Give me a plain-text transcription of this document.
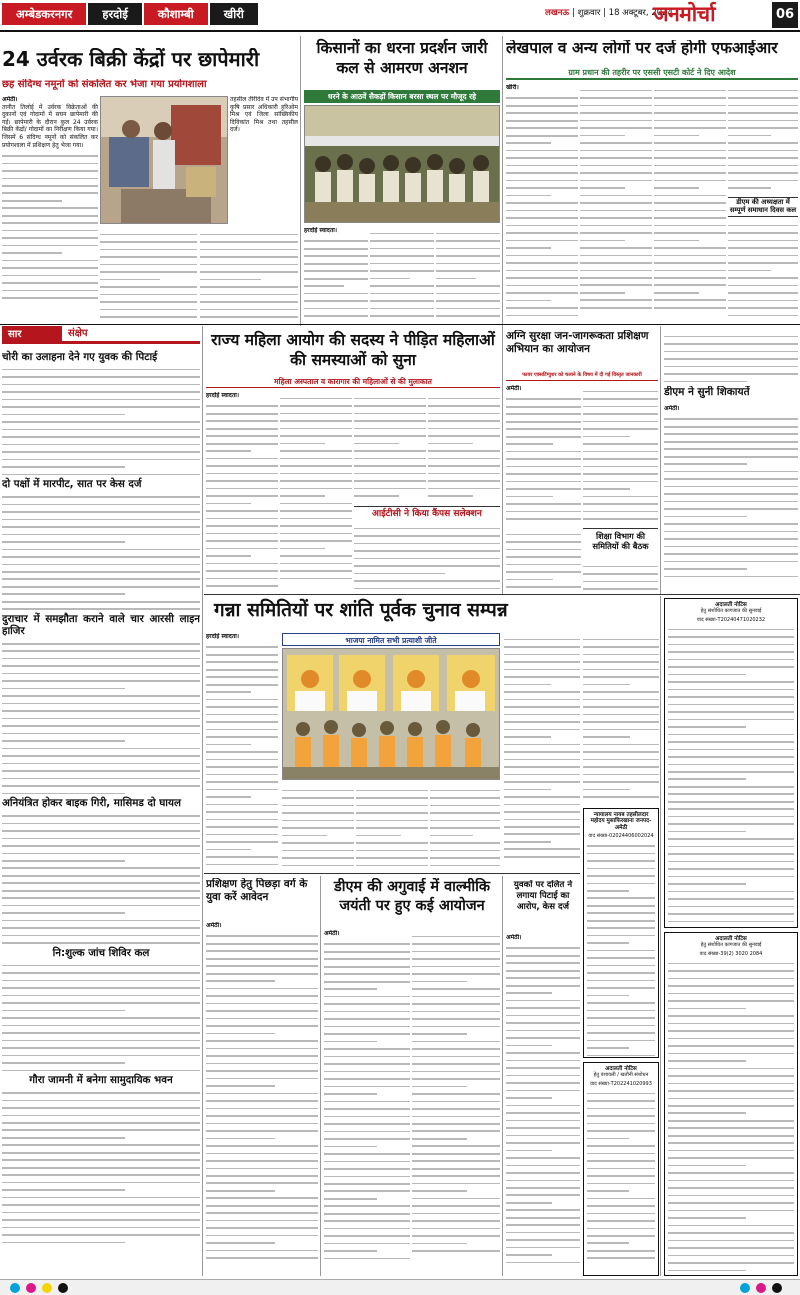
अम्बेडकरनगर	हरदोई	कौशाम्बी	खीरी	लखनऊ | शुक्रवार | 18 अक्टूबर, 2024
जनमोर्चा	06
24 उर्वरक बिक्री केंद्रों पर छापेमारी
छह संदिग्ध नमूनों को संकलित कर भेजा गया प्रयोगशाला
अमेठी।
तानीत तिलोई में उर्वरक विक्रेताओं की दुकानों एवं गोदामों में सघन छापेमारी की गई। छापेमारी के दौरान कुल 24 उर्वरक बिक्री केंद्रों/ गोदामों का निरीक्षण किया गया। जिसमें 6 संदिग्ध नमूनों को संकलित कर प्रयोगशाला में प्रशिक्षण हेतु भेजा गया।
तहसील तीरीदेव में उप संभागीय कृषि प्रसार अधिकारी हरिओम मिश्र एवं जिला सांख्यिकीय दिविकांत मिश्र तथा तहसील दर्ज।
किसानों का धरना प्रदर्शन जारी कल से आमरण अनशन
धरने के आठवें सैकड़ों किसान बरसा स्थल पर मौजूद रहे
हरदोई स्वादता।
लेखपाल व अन्य लोगों पर दर्ज होगी एफआईआर
ग्राम प्रधान की तहरीर पर एससी एसटी कोर्ट ने दिए आदेश
खीरी।
डीएम की अध्यक्षता में सम्पूर्ण समाधान दिवस कल
सार	संक्षेप
चोरी का उलाहना देने गए युवक की पिटाई
दो पक्षों में मारपीट, सात पर केस दर्ज
दुराचार में समझौता कराने वाले चार आरसी लाइन हाजिर
अनियंत्रित होकर बाइक गिरी, मासिमड दो घायल
नि:शुल्क जांच शिविर कल
गौरा जामनी में बनेगा सामुदायिक भवन
राज्य महिला आयोग की सदस्य ने पीड़ित महिलाओं की समस्याओं को सुना
महिला अस्पताल व कारागार की महिलाओं से की मुलाकात
हरदोई स्वादता।
आईटीसी ने किया कैंपस सलेक्शन
अग्नि सुरक्षा जन-जागरूकता प्रशिक्षण अभियान का आयोजन
फायर एक्सटिंग्युशर को चलाने के विषय में दी गई विस्तृत जानकारी
अमेठी।
शिक्षा विभाग की समितियों की बैठक
डीएम ने सुनी शिकायतें
अमेठी।
गन्ना समितियों पर शांति पूर्वक चुनाव सम्पन्न
हरदोई स्वादता।	भाजपा नामित सभी प्रत्याशी जीते
अदालती नोटिस
हेतु संशोधित कागजात की सुनवाई
वाद संख्या-T20240471020232
अदालती नोटिस
हेतु संशोधित कागजात की सुनवाई
वाद संख्या-39(2) 3020 2084
न्यायालय नायब तहसीलदार महोदय मुसाफिरखाना जनपद-अमेठी
वाद संख्या-02024406002024
अदालती नोटिस
हेतु वंशावली / खतौनी संशोधन
वाद संख्या-T202241020993
प्रशिक्षण हेतु पिछड़ा वर्ग के युवा करें आवेदन
अमेठी।
डीएम की अगुवाई में वाल्मीकि जयंती पर हुए कई आयोजन
अमेठी।
युवकों पर दलित ने लगाया पिटाई का आरोप, केस दर्ज
अमेठी।
